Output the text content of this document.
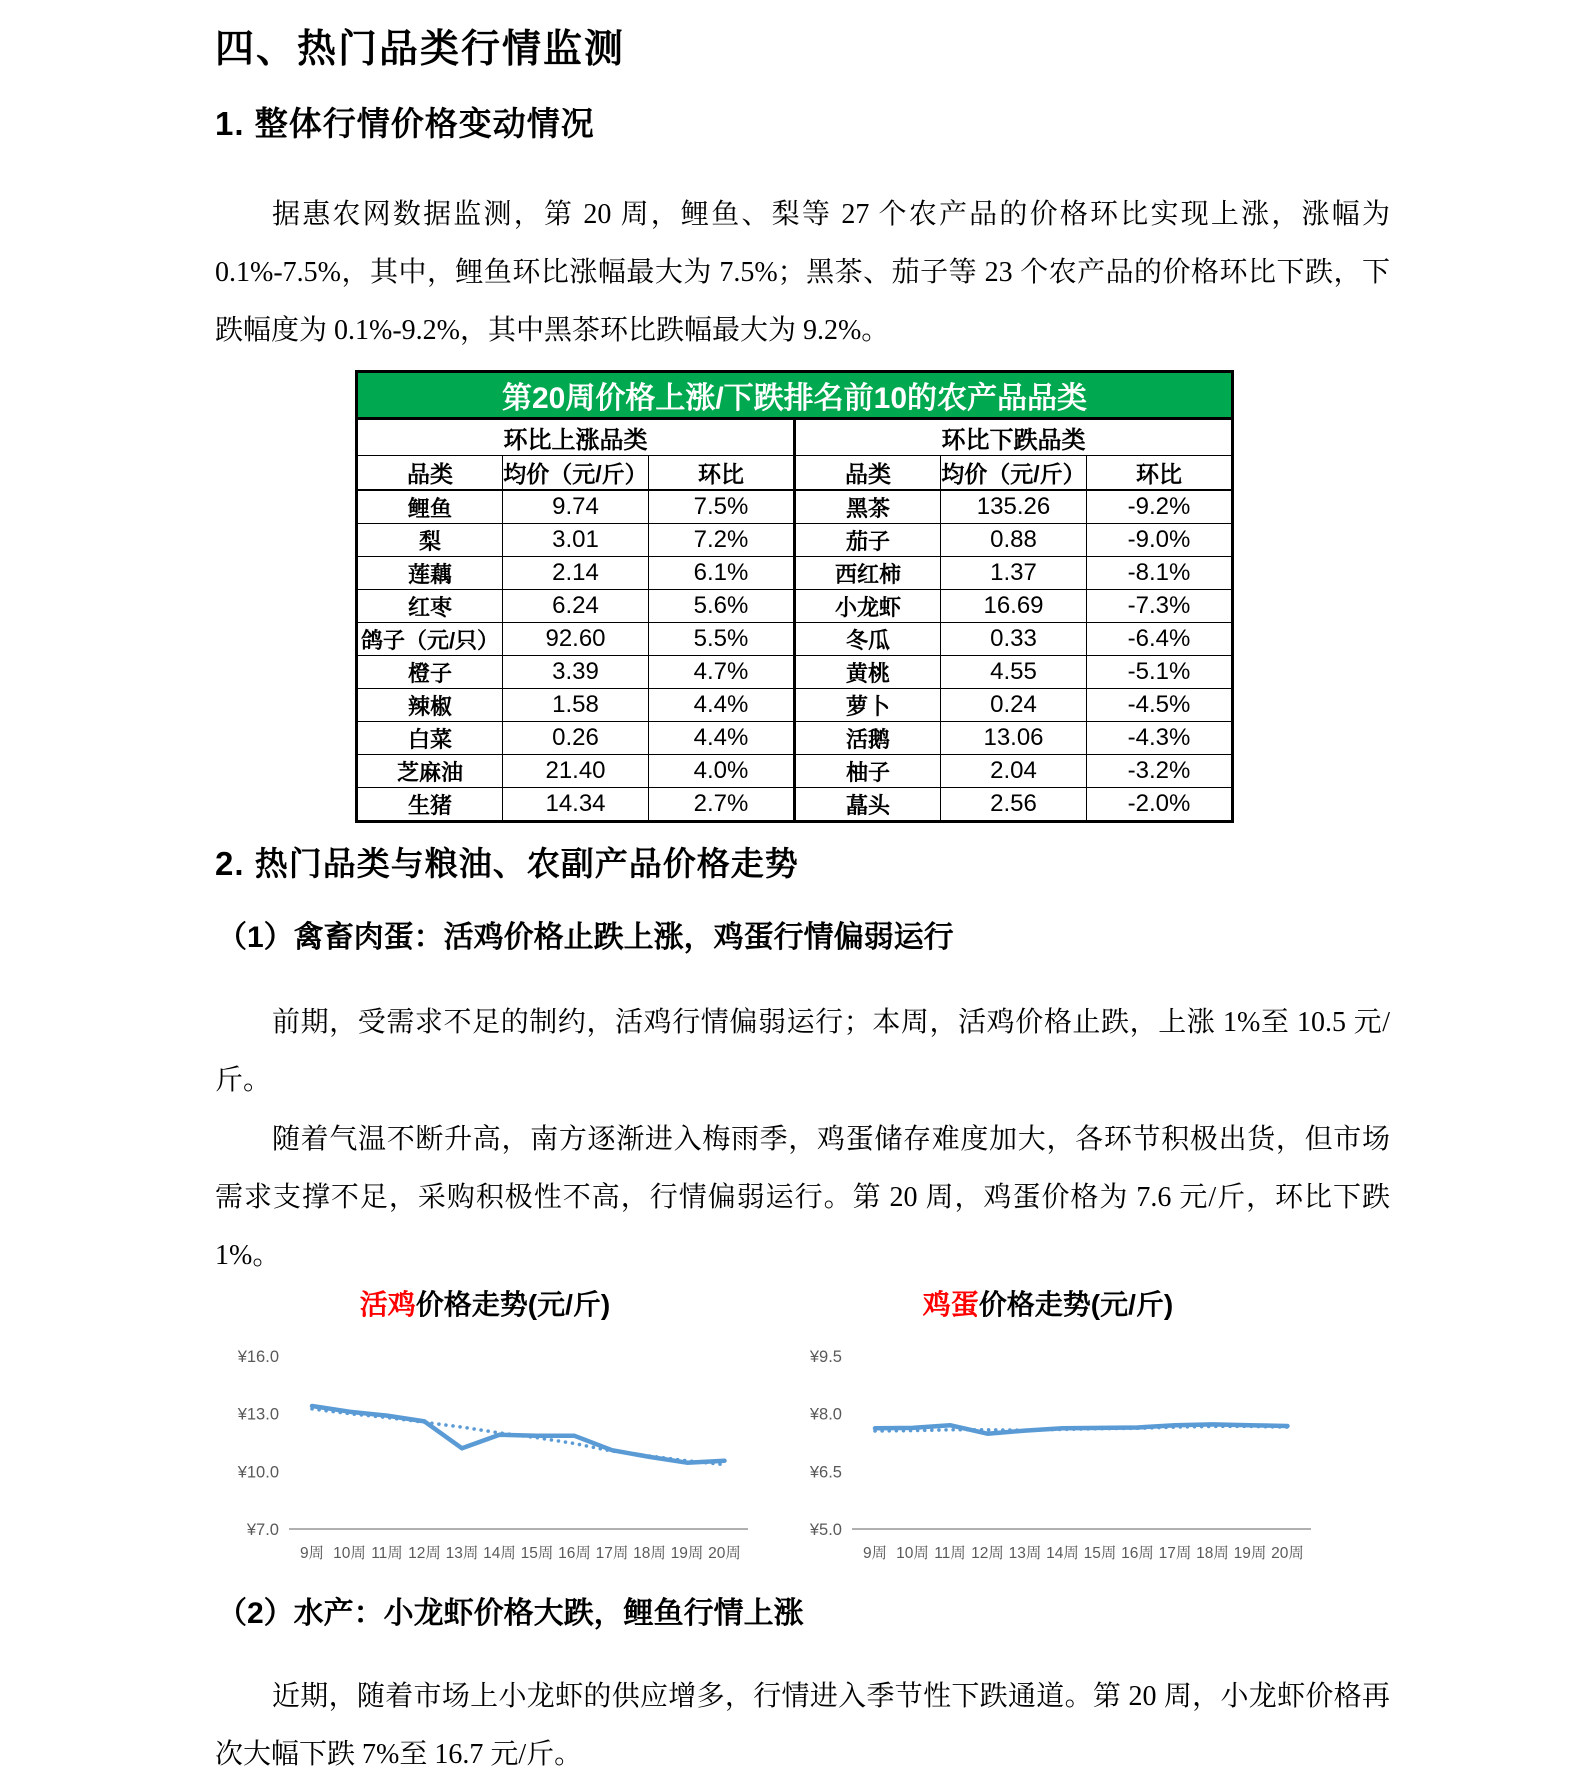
四、热门品类行情监测
1. 整体行情价格变动情况

据惠农网数据监测，第 20 周，鲤鱼、梨等 27 个农产品的价格环比实现上涨，涨幅为 0.1%-7.5%，其中，鲤鱼环比涨幅最大为 7.5%；黑茶、茄子等 23 个农产品的价格环比下跌，下跌幅度为 0.1%-9.2%，其中黑茶环比跌幅最大为 9.2%。

第20周价格上涨/下跌排名前10的农产品品类					
环比上涨品类			环比下跌品类		
品类	均价（元/斤）	环比	品类	均价（元/斤）	环比
鲤鱼	9.74	7.5%	黑茶	135.26	-9.2%
梨	3.01	7.2%	茄子	0.88	-9.0%
莲藕	2.14	6.1%	西红柿	1.37	-8.1%
红枣	6.24	5.6%	小龙虾	16.69	-7.3%
鸽子（元/只）	92.60	5.5%	冬瓜	0.33	-6.4%
橙子	3.39	4.7%	黄桃	4.55	-5.1%
辣椒	1.58	4.4%	萝卜	0.24	-4.5%
白菜	0.26	4.4%	活鹅	13.06	-4.3%
芝麻油	21.40	4.0%	柚子	2.04	-3.2%
生猪	14.34	2.7%	蕌头	2.56	-2.0%
2. 热门品类与粮油、农副产品价格走势
（1）禽畜肉蛋：活鸡价格止跌上涨，鸡蛋行情偏弱运行

前期，受需求不足的制约，活鸡行情偏弱运行；本周，活鸡价格止跌，上涨 1%至 10.5 元/斤。

随着气温不断升高，南方逐渐进入梅雨季，鸡蛋储存难度加大，各环节积极出货，但市场需求支撑不足，采购积极性不高，行情偏弱运行。第 20 周，鸡蛋价格为 7.6 元/斤，环比下跌 1%。

活鸡价格走势(元/斤)
¥16.0
¥13.0
¥10.0
¥7.0
9周 10周 11周 12周 13周 14周 15周 16周 17周 18周 19周 20周
鸡蛋价格走势(元/斤)
¥9.5
¥8.0
¥6.5
¥5.0
9周 10周 11周 12周 13周 14周 15周 16周 17周 18周 19周 20周
（2）水产：小龙虾价格大跌，鲤鱼行情上涨

近期，随着市场上小龙虾的供应增多，行情进入季节性下跌通道。第 20 周，小龙虾价格再次大幅下跌 7%至 16.7 元/斤。
